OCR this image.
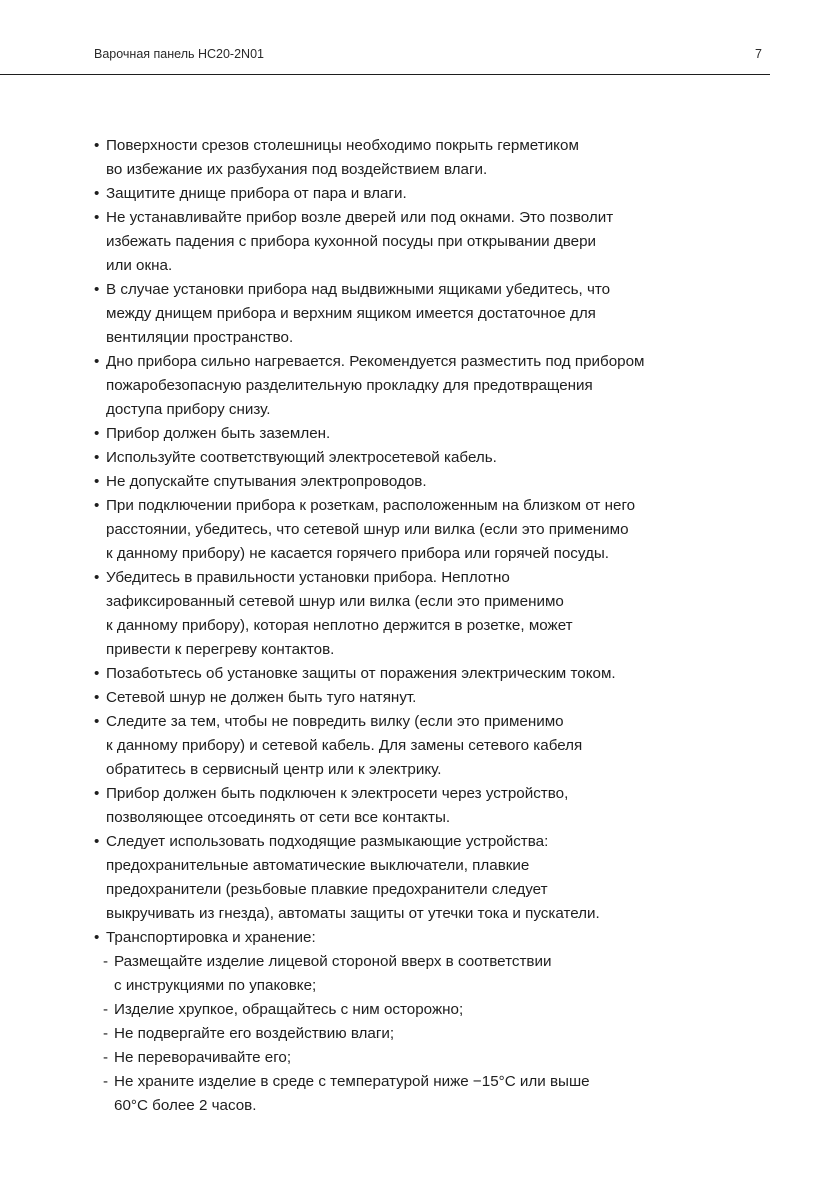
Варочная панель HC20-2N01	7
• Поверхности срезов столешницы необходимо покрыть герметиком
во избежание их разбухания под воздействием влаги.
• Защитите днище прибора от пара и влаги.
• Не устанавливайте прибор возле дверей или под окнами. Это позволит
избежать падения с прибора кухонной посуды при открывании двери
или окна.
• В случае установки прибора над выдвижными ящиками убедитесь, что
между днищем прибора и верхним ящиком имеется достаточное для
вентиляции пространство.
• Дно прибора сильно нагревается. Рекомендуется разместить под прибором
пожаробезопасную разделительную прокладку для предотвращения
доступа прибору снизу.
• Прибор должен быть заземлен.
• Используйте соответствующий электросетевой кабель.
• Не допускайте спутывания электропроводов.
• При подключении прибора к розеткам, расположенным на близком от него
расстоянии, убедитесь, что сетевой шнур или вилка (если это применимо
к данному прибору) не касается горячего прибора или горячей посуды.
• Убедитесь в правильности установки прибора. Неплотно
зафиксированный сетевой шнур или вилка (если это применимо
к данному прибору), которая неплотно держится в розетке, может
привести к перегреву контактов.
• Позаботьтесь об установке защиты от поражения электрическим током.
• Сетевой шнур не должен быть туго натянут.
• Следите за тем, чтобы не повредить вилку (если это применимо
к данному прибору) и сетевой кабель. Для замены сетевого кабеля
обратитесь в сервисный центр или к электрику.
• Прибор должен быть подключен к электросети через устройство,
позволяющее отсоединять от сети все контакты.
• Следует использовать подходящие размыкающие устройства:
предохранительные автоматические выключатели, плавкие
предохранители (резьбовые плавкие предохранители следует
выкручивать из гнезда), автоматы защиты от утечки тока и пускатели.
• Транспортировка и хранение:
- Размещайте изделие лицевой стороной вверх в соответствии
с инструкциями по упаковке;
- Изделие хрупкое, обращайтесь с ним осторожно;
- Не подвергайте его воздействию влаги;
- Не переворачивайте его;
- Не храните изделие в среде с температурой ниже −15°С или выше
60°С более 2 часов.
